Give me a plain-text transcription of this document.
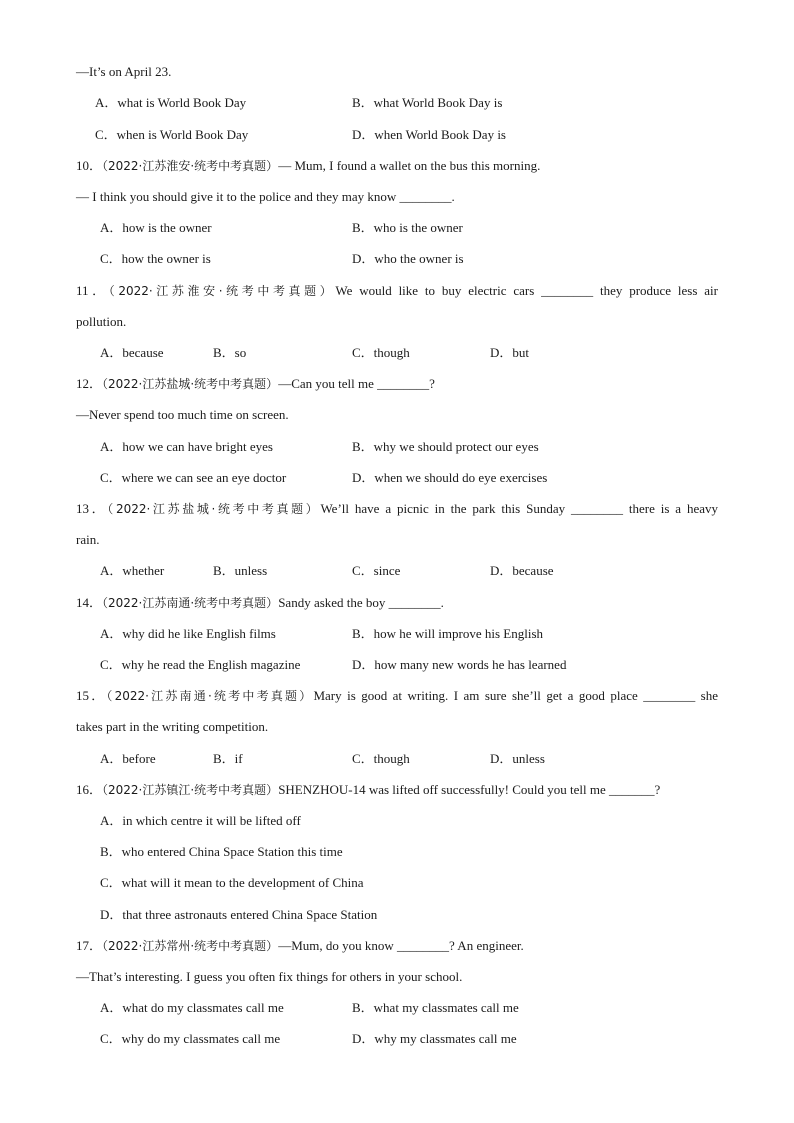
—It’s on April 23.
A．what is World Book Day	B．what World Book Day is
C．when is World Book Day	D．when World Book Day is
10．（2022·江苏淮安·统考中考真题）— Mum, I found a wallet on the bus this morning.
— I think you should give it to the police and they may know ________.
A．how is the owner	B．who is the owner
C．how the owner is	D．who the owner is
11．（2022·江苏淮安·统考中考真题）We would like to buy electric cars ________ they produce less air
pollution.
A．because	B．so	C．though	D．but
12．（2022·江苏盐城·统考中考真题）—Can you tell me ________?
—Never spend too much time on screen.
A．how we can have bright eyes	B．why we should protect our eyes
C．where we can see an eye doctor	D．when we should do eye exercises
13．（2022·江苏盐城·统考中考真题）We’ll have a picnic in the park this Sunday ________ there is a heavy
rain.
A．whether	B．unless	C．since	D．because
14．（2022·江苏南通·统考中考真题）Sandy asked the boy ________.
A．why did he like English films	B．how he will improve his English
C．why he read the English magazine	D．how many new words he has learned
15．（2022·江苏南通·统考中考真题）Mary is good at writing. I am sure she’ll get a good place ________ she
takes part in the writing competition.
A．before	B．if	C．though	D．unless
16．（2022·江苏镇江·统考中考真题）SHENZHOU-14 was lifted off successfully! Could you tell me _______?
A．in which centre it will be lifted off
B．who entered China Space Station this time
C．what will it mean to the development of China
D．that three astronauts entered China Space Station
17．（2022·江苏常州·统考中考真题）—Mum, do you know ________? An engineer.
—That’s interesting. I guess you often fix things for others in your school.
A．what do my classmates call me	B．what my classmates call me
C．why do my classmates call me	D．why my classmates call me
